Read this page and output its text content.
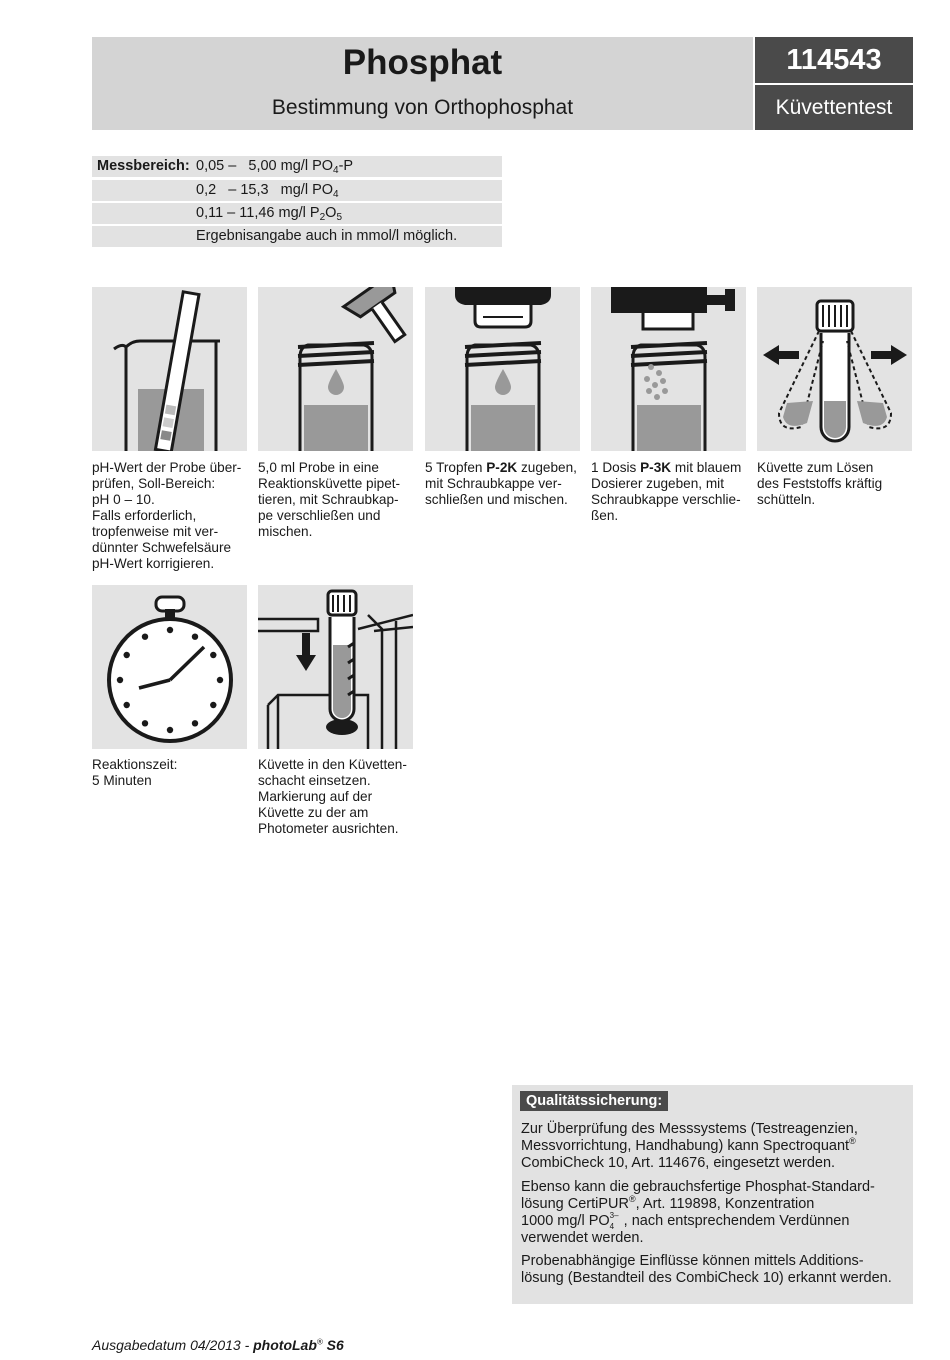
Phosphat
Bestimmung von Orthophosphat
114543
Küvettentest
Messbereich: 0,05 –   5,00 mg/l $PO_4-P$
0,2   – 15,3   mg/l $PO_4$
0,11 – 11,46 mg/l $P_2O_5$
Ergebnisangabe auch in mmol/l möglich.
pH-Wert der Probe über-
prüfen, Soll-Bereich:
pH 0 – 10.
Falls erforderlich,
tropfenweise mit ver-
dünnter Schwefelsäure
pH-Wert korrigieren.
5,0 ml Probe in eine
Reaktionsküvette pipet-
tieren, mit Schraubkap-
pe verschließen und
mischen.
5 Tropfen P-2K zugeben,
mit Schraubkappe ver-
schließen und mischen.
1 Dosis P-3K mit blauem
Dosierer zugeben, mit
Schraubkappe verschlie-
ßen.
Küvette zum Lösen
des Feststoffs kräftig
schütteln.
Reaktionszeit:
5 Minuten
Küvette in den Küvetten-
schacht einsetzen.
Markierung auf der
Küvette zu der am
Photometer ausrichten.
Qualitätssicherung:
Zur Überprüfung des Messsystems (Testreagenzien,
Messvorrichtung, Handhabung) kann Spectroquant®
CombiCheck 10, Art. 114676, eingesetzt werden.
Ebenso kann die gebrauchsfertige Phosphat-Standard-
lösung CertiPUR®, Art. 119898, Konzentration
1000 mg/l PO 3–
4 , nach entsprechendem Verdünnen
verwendet werden.
Probenabhängige Einflüsse können mittels Additions-
lösung (Bestandteil des CombiCheck 10) erkannt werden.
Ausgabedatum 04/2013 - photoLab® S6
